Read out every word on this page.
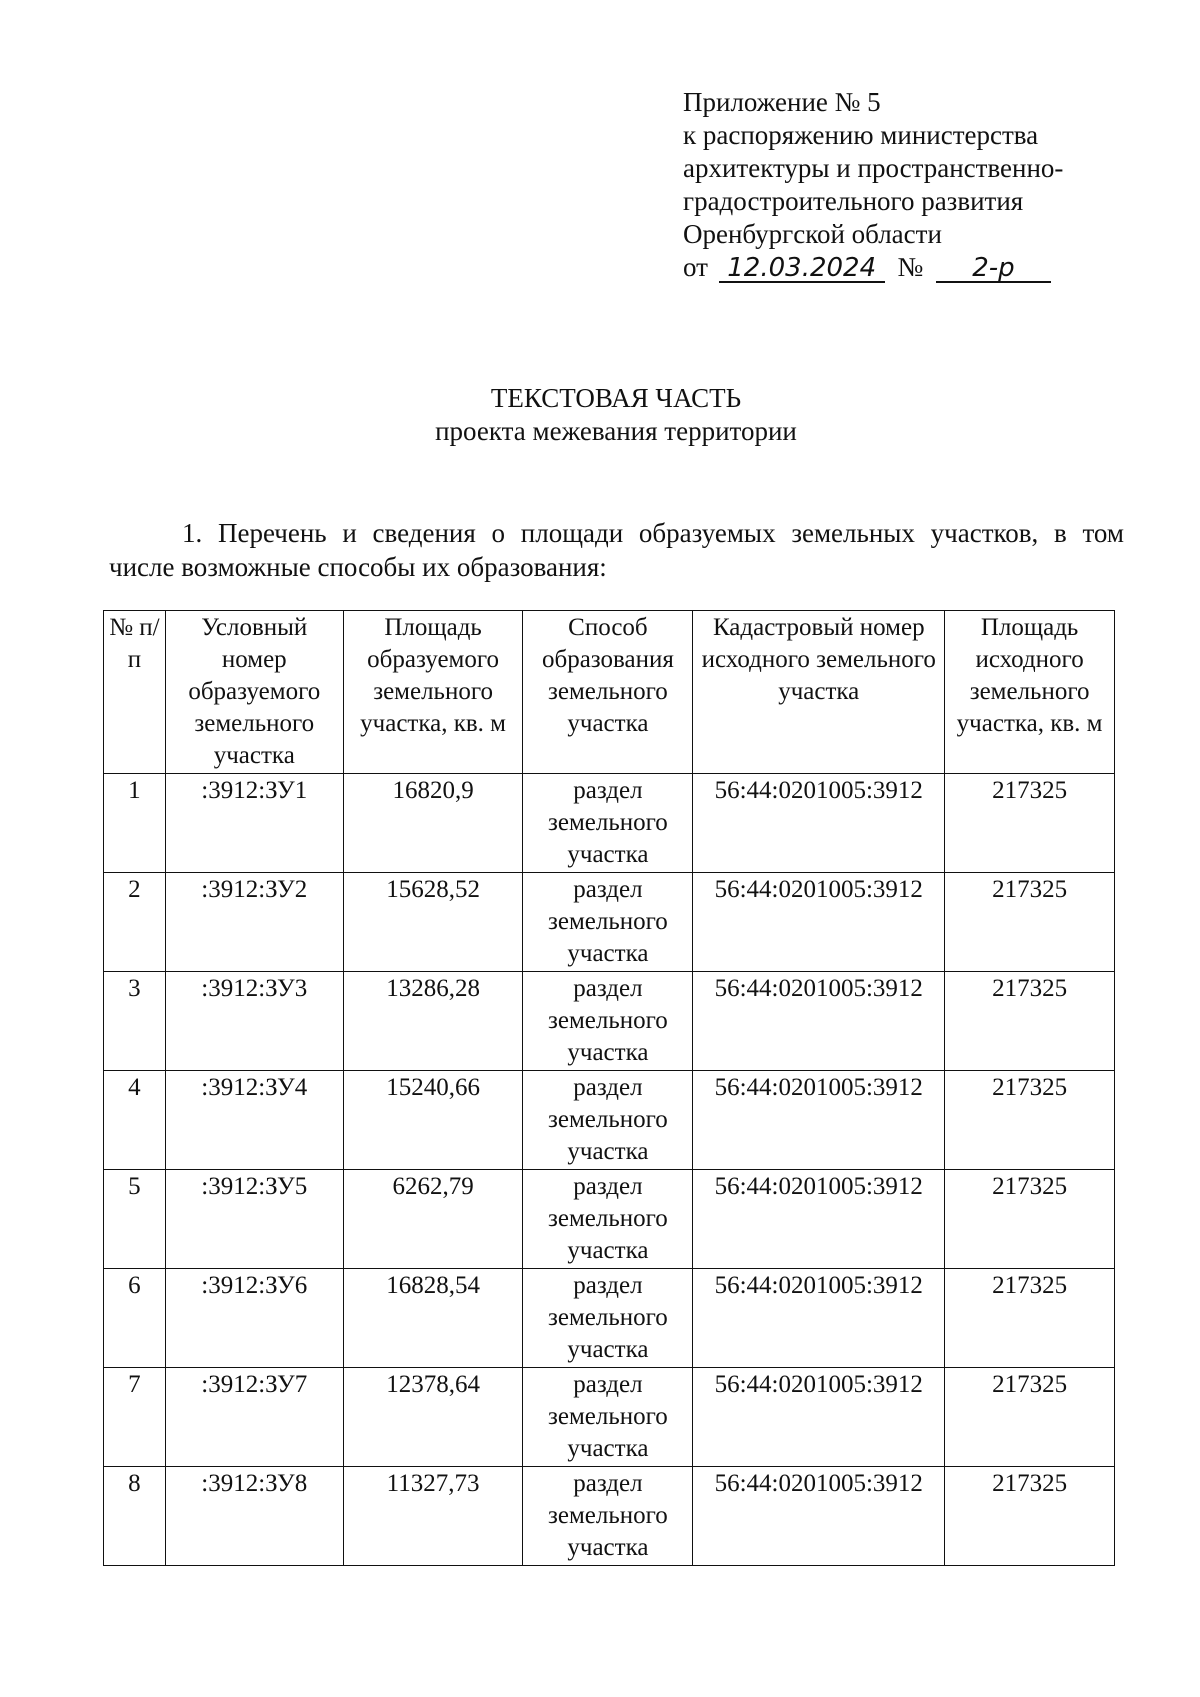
Приложение № 5
к распоряжению министерства
архитектуры и пространственно-
градостроительного развития
Оренбургской области
от 12.03.2024 № 2-р
ТЕКСТОВАЯ ЧАСТЬ
проекта межевания территории
1. Перечень и сведения о площади образуемых земельных участков, в том
числе возможные способы их образования:
№ п/п	Условный номер образуемого земельного участка	Площадь образуемого земельного участка, кв. м	Способ образования земельного участка	Кадастровый номер исходного земельного участка	Площадь исходного земельного участка, кв. м
1	:3912:ЗУ1	16820,9	раздел земельного участка	56:44:0201005:3912	217325
2	:3912:ЗУ2	15628,52	раздел земельного участка	56:44:0201005:3912	217325
3	:3912:ЗУ3	13286,28	раздел земельного участка	56:44:0201005:3912	217325
4	:3912:ЗУ4	15240,66	раздел земельного участка	56:44:0201005:3912	217325
5	:3912:ЗУ5	6262,79	раздел земельного участка	56:44:0201005:3912	217325
6	:3912:ЗУ6	16828,54	раздел земельного участка	56:44:0201005:3912	217325
7	:3912:ЗУ7	12378,64	раздел земельного участка	56:44:0201005:3912	217325
8	:3912:ЗУ8	11327,73	раздел земельного участка	56:44:0201005:3912	217325
